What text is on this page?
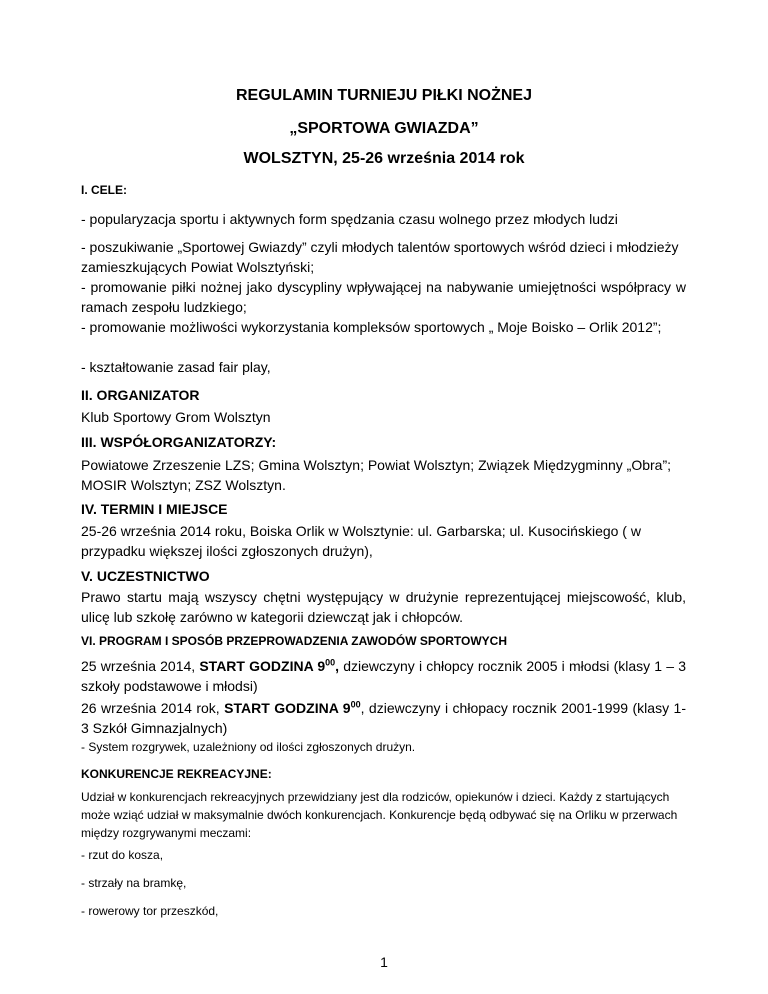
REGULAMIN TURNIEJU PIŁKI NOŻNEJ
„SPORTOWA GWIAZDA”
WOLSZTYN, 25-26 września 2014 rok
I. CELE:
- popularyzacja sportu i aktywnych form spędzania czasu wolnego przez młodych ludzi
- poszukiwanie „Sportowej Gwiazdy” czyli młodych talentów sportowych wśród dzieci i młodzieży zamieszkujących Powiat Wolsztyński;
- promowanie piłki nożnej jako dyscypliny wpływającej na nabywanie umiejętności współpracy w ramach zespołu ludzkiego;
- promowanie możliwości wykorzystania kompleksów sportowych „ Moje Boisko – Orlik 2012”;
- kształtowanie zasad fair play,
II. ORGANIZATOR
Klub Sportowy Grom Wolsztyn
III. WSPÓŁORGANIZATORZY:
Powiatowe Zrzeszenie LZS; Gmina Wolsztyn; Powiat Wolsztyn; Związek Międzygminny „Obra”; MOSIR Wolsztyn; ZSZ Wolsztyn.
IV. TERMIN I MIEJSCE
25-26 września 2014 roku, Boiska Orlik w Wolsztynie: ul. Garbarska; ul. Kusocińskiego ( w przypadku większej ilości zgłoszonych drużyn),
V. UCZESTNICTWO
Prawo startu mają wszyscy chętni występujący w drużynie reprezentującej miejscowość, klub, ulicę lub szkołę zarówno w kategorii dziewcząt jak i chłopców.
VI. PROGRAM I SPOSÓB PRZEPROWADZENIA ZAWODÓW SPORTOWYCH
25 września 2014, START GODZINA $9^{00}$, dziewczyny i chłopcy rocznik 2005 i młodsi (klasy 1 – 3 szkoły podstawowe i młodsi)
26 września 2014 rok, START GODZINA $9^{00}$, dziewczyny i chłopacy rocznik 2001-1999 (klasy 1-3 Szkół Gimnazjalnych)
- System rozgrywek, uzależniony od ilości zgłoszonych drużyn.
KONKURENCJE REKREACYJNE:
Udział w konkurencjach rekreacyjnych przewidziany jest dla rodziców, opiekunów i dzieci. Każdy z startujących może wziąć udział w maksymalnie dwóch konkurencjach. Konkurencje będą odbywać się na Orliku w przerwach między rozgrywanymi meczami:
- rzut do kosza,
- strzały na bramkę,
- rowerowy tor przeszkód,
1
